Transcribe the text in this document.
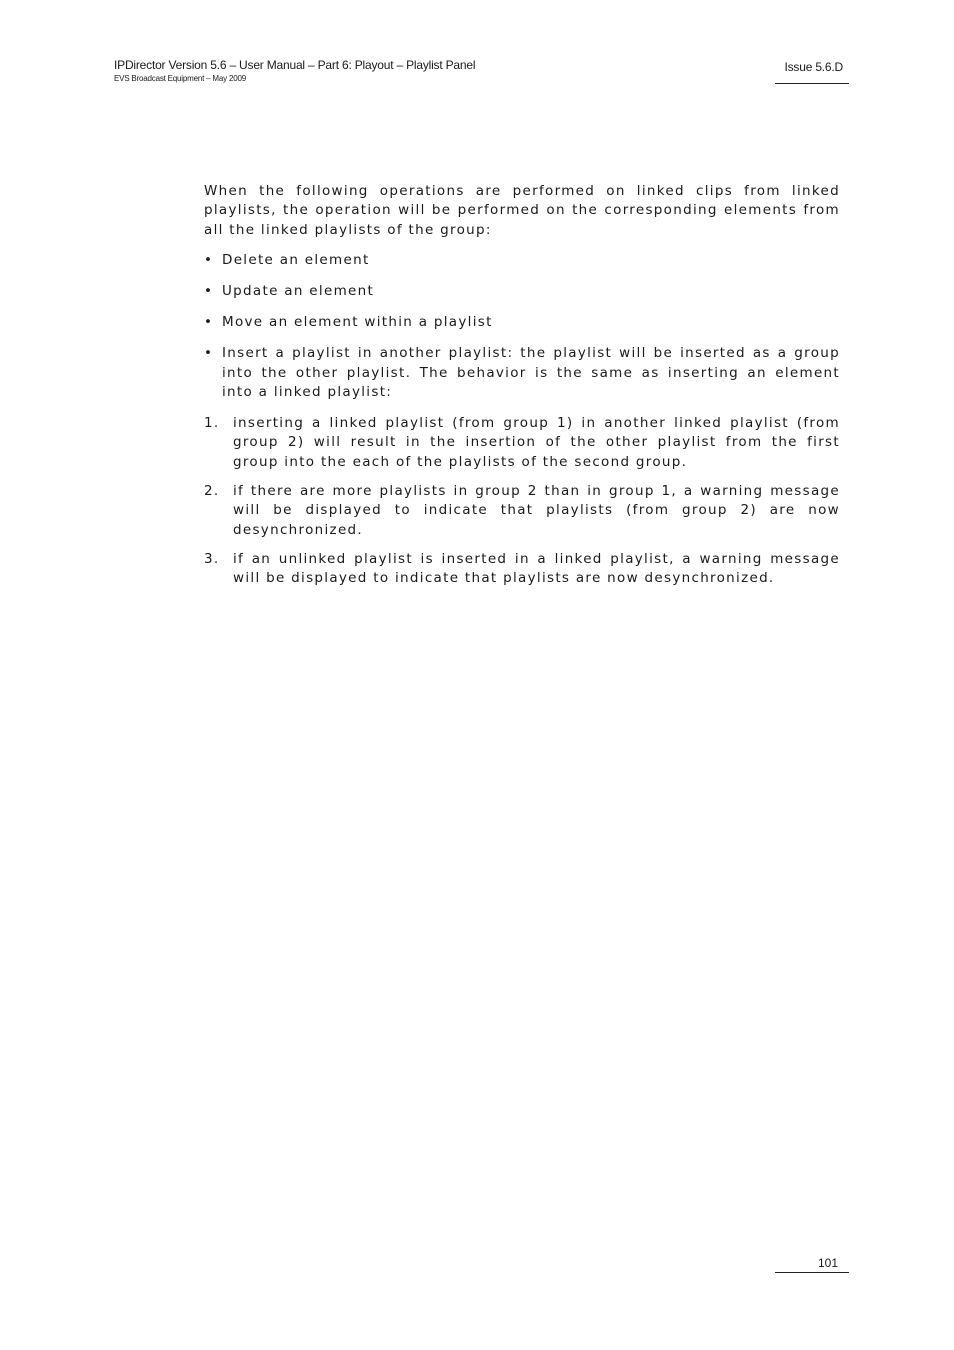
IPDirector Version 5.6 – User Manual – Part 6: Playout – Playlist Panel
EVS Broadcast Equipment – May 2009
Issue 5.6.D

When the following operations are performed on linked clips from linked playlists, the operation will be performed on the corresponding elements from all the linked playlists of the group:

• Delete an element
• Update an element
• Move an element within a playlist
• Insert a playlist in another playlist: the playlist will be inserted as a group into the other playlist. The behavior is the same as inserting an element into a linked playlist:
1. inserting a linked playlist (from group 1) in another linked playlist (from group 2) will result in the insertion of the other playlist from the first group into the each of the playlists of the second group.
2. if there are more playlists in group 2 than in group 1, a warning message will be displayed to indicate that playlists (from group 2) are now desynchronized.
3. if an unlinked playlist is inserted in a linked playlist, a warning message will be displayed to indicate that playlists are now desynchronized.
101
